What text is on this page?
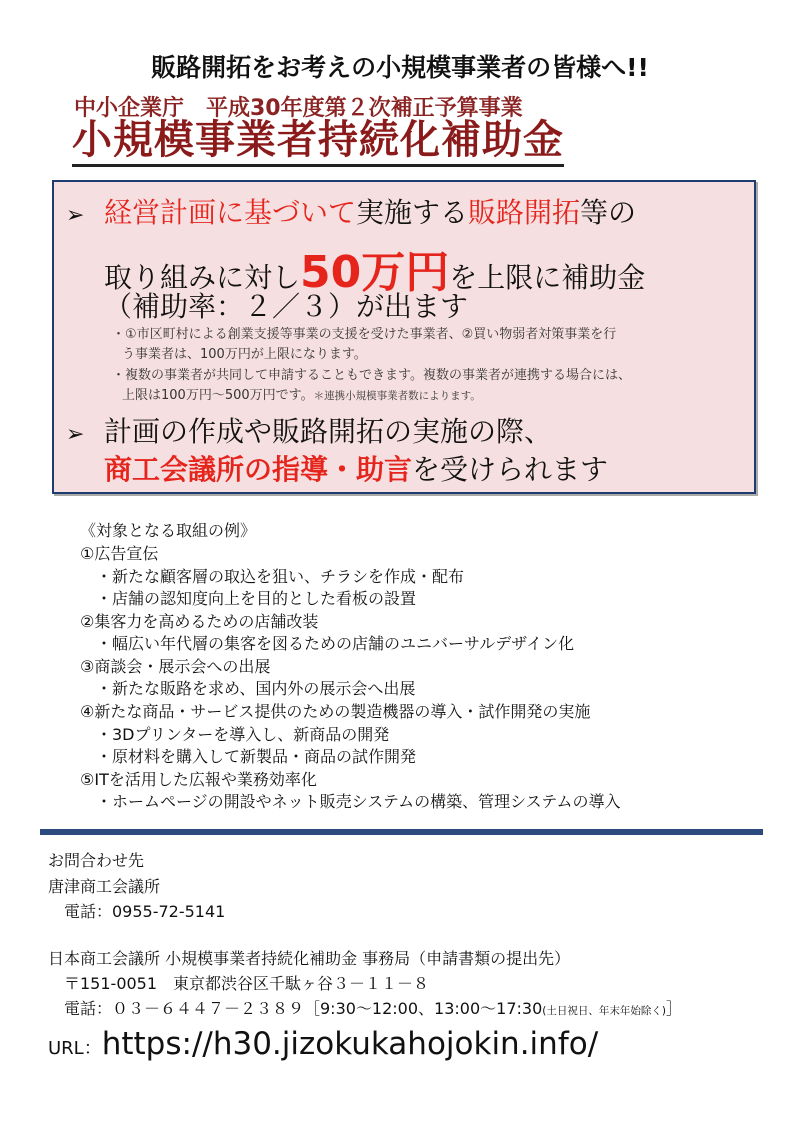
販路開拓をお考えの小規模事業者の皆様へ!!
中小企業庁　平成30年度第２次補正予算事業
小規模事業者持続化補助金
➢ 経営計画に基づいて実施する販路開拓等の
取り組みに対し50万円を上限に補助金
（補助率：２／３）が出ます
・①市区町村による創業支援等事業の支援を受けた事業者、②買い物弱者対策事業を行
う事業者は、100万円が上限になります。
・複数の事業者が共同して申請することもできます。複数の事業者が連携する場合には、
上限は100万円～500万円です。＊連携小規模事業者数によります。
➢ 計画の作成や販路開拓の実施の際、
商工会議所の指導・助言を受けられます
《対象となる取組の例》
①広告宣伝
・新たな顧客層の取込を狙い、チラシを作成・配布
・店舗の認知度向上を目的とした看板の設置
②集客力を高めるための店舗改装
・幅広い年代層の集客を図るための店舗のユニバーサルデザイン化
③商談会・展示会への出展
・新たな販路を求め、国内外の展示会へ出展
④新たな商品・サービス提供のための製造機器の導入・試作開発の実施
・3Dプリンターを導入し、新商品の開発
・原材料を購入して新製品・商品の試作開発
⑤ITを活用した広報や業務効率化
・ホームページの開設やネット販売システムの構築、管理システムの導入
お問合わせ先
唐津商工会議所
電話：0955-72-5141
日本商工会議所 小規模事業者持続化補助金 事務局（申請書類の提出先）
〒151-0051　東京都渋谷区千駄ヶ谷３－１１－８
電話：０３－６４４７－２３８９［9:30～12:00、13:00～17:30(土日祝日、年末年始除く)］
URL：https://h30.jizokukahojokin.info/
